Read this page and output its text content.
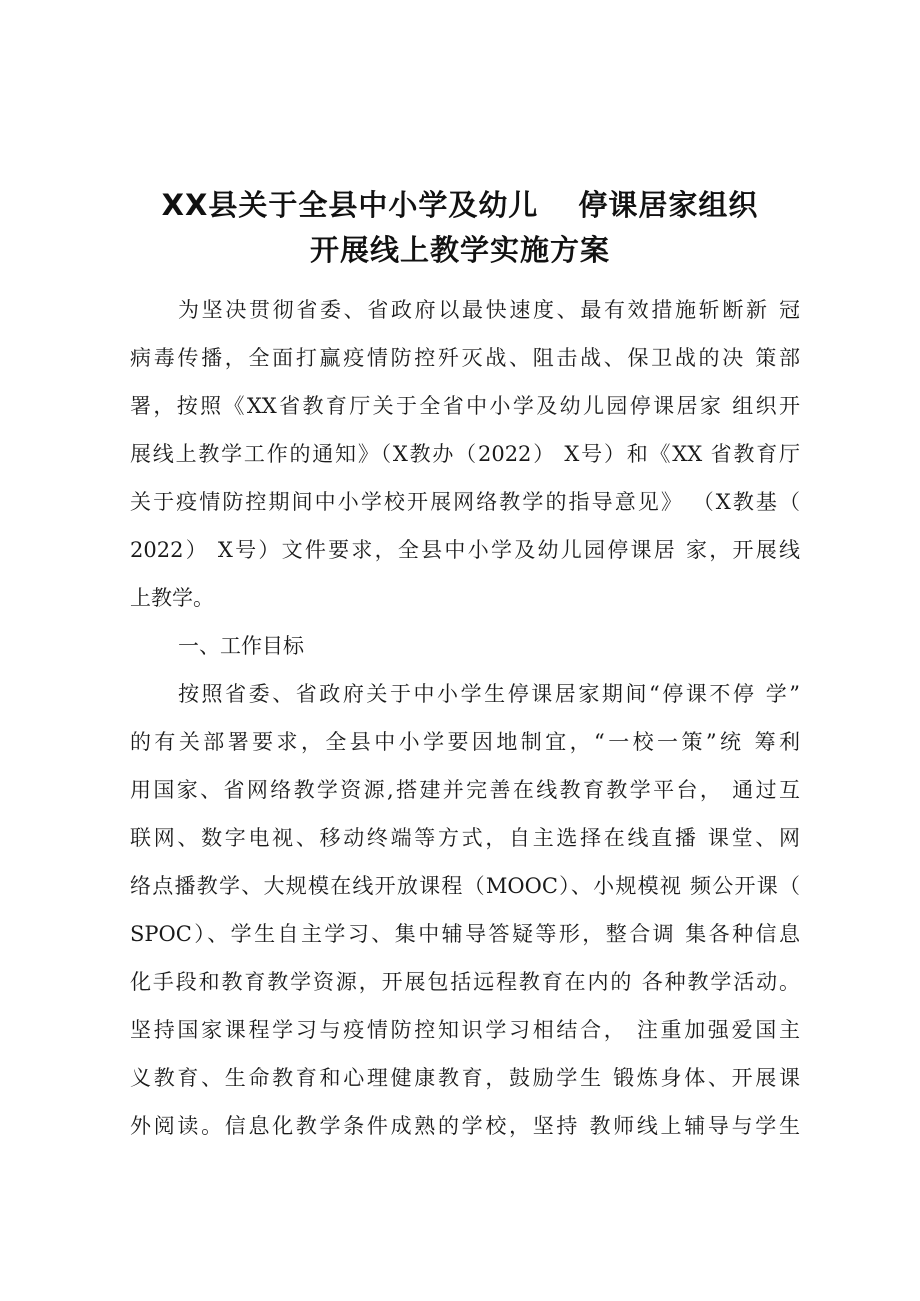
XX县关于全县中小学及幼儿 停课居家组织
开展线上教学实施方案
为坚决贯彻省委、省政府以最快速度、最有效措施斩断新 冠
病毒传播，全面打赢疫情防控歼灭战、阻击战、保卫战的决 策部
署，按照《XX省教育厅关于全省中小学及幼儿园停课居家 组织开
展线上教学工作的通知》（X教办（2022） X号）和《XX 省教育厅
关于疫情防控期间中小学校开展网络教学的指导意见》 （X教基（
2022） X号）文件要求，全县中小学及幼儿园停课居 家，开展线
上教学。
一、工作目标
按照省委、省政府关于中小学生停课居家期间“停课不停 学”
的有关部署要求，全县中小学要因地制宜，“一校一策”统 筹利
用国家、省网络教学资源,搭建并完善在线教育教学平台， 通过互
联网、数字电视、移动终端等方式，自主选择在线直播 课堂、网
络点播教学、大规模在线开放课程（MOOC）、小规模视 频公开课（
SPOC）、学生自主学习、集中辅导答疑等形，整合调 集各种信息
化手段和教育教学资源，开展包括远程教育在内的 各种教学活动。
坚持国家课程学习与疫情防控知识学习相结合， 注重加强爱国主
义教育、生命教育和心理健康教育，鼓励学生 锻炼身体、开展课
外阅读。信息化教学条件成熟的学校，坚持 教师线上辅导与学生
